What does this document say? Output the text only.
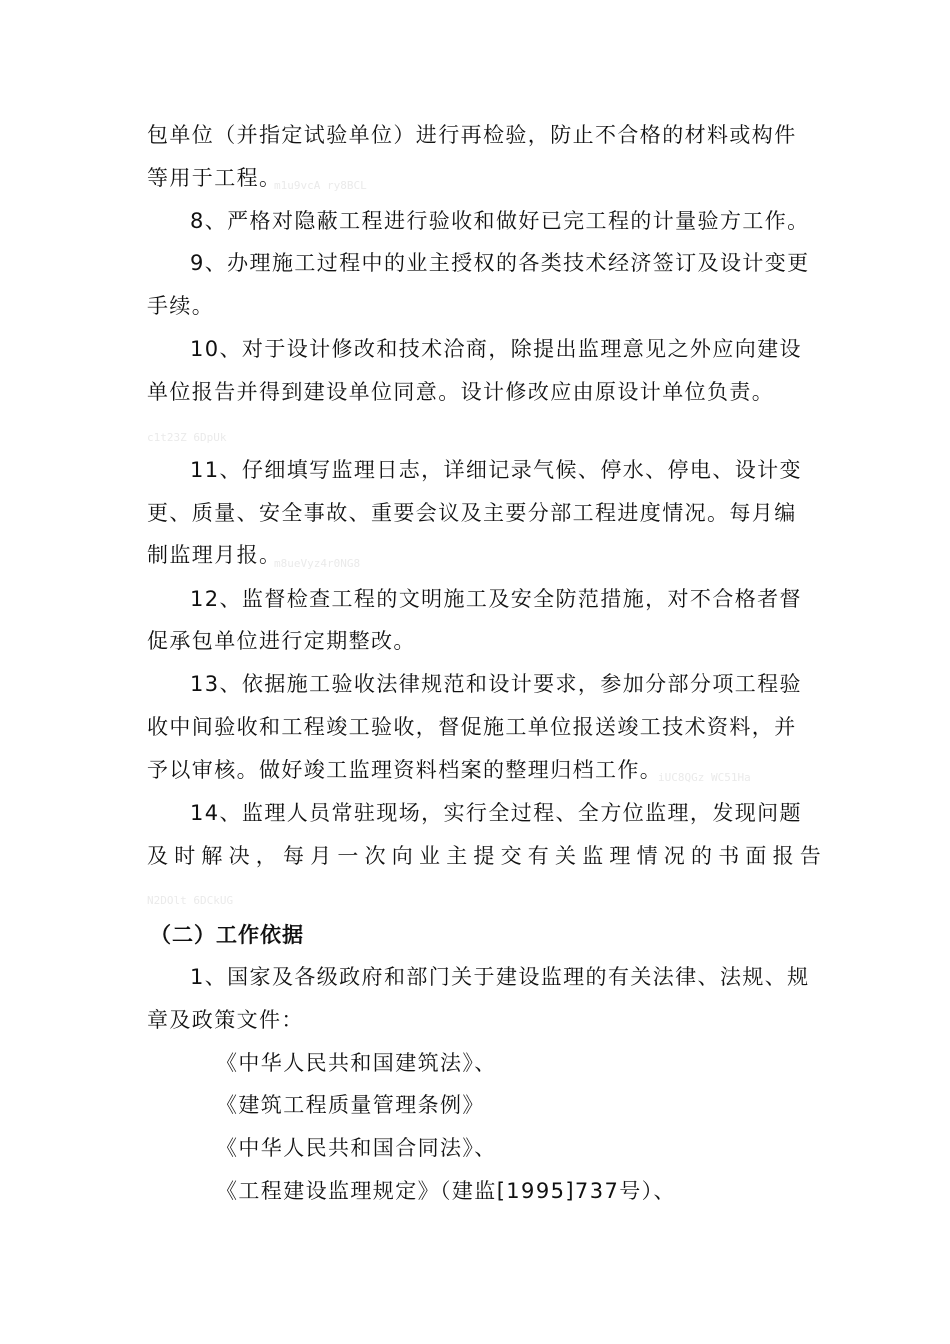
包单位（并指定试验单位）进行再检验，防止不合格的材料或构件
等用于工程。
m1u9vcA ry8BCL
8、严格对隐蔽工程进行验收和做好已完工程的计量验方工作。
9、办理施工过程中的业主授权的各类技术经济签订及设计变更
手续。
10、对于设计修改和技术洽商，除提出监理意见之外应向建设
单位报告并得到建设单位同意。设计修改应由原设计单位负责。
c1t23Z 6DpUk
11、仔细填写监理日志，详细记录气候、停水、停电、设计变
更、质量、安全事故、重要会议及主要分部工程进度情况。每月编
制监理月报。
m8ueVyz4r0NG8
12、监督检查工程的文明施工及安全防范措施，对不合格者督
促承包单位进行定期整改。
13、依据施工验收法律规范和设计要求，参加分部分项工程验
收中间验收和工程竣工验收，督促施工单位报送竣工技术资料，并
予以审核。做好竣工监理资料档案的整理归档工作。
iUC8QGz WC51Ha
14、监理人员常驻现场，实行全过程、全方位监理，发现问题
及时解决，每月一次向业主提交有关监理情况的书面报告
N2DOlt 6DCkUG
（二）工作依据
1、国家及各级政府和部门关于建设监理的有关法律、法规、规
章及政策文件：
《中华人民共和国建筑法》、
《建筑工程质量管理条例》
《中华人民共和国合同法》、
《工程建设监理规定》（建监[1995]737号）、
